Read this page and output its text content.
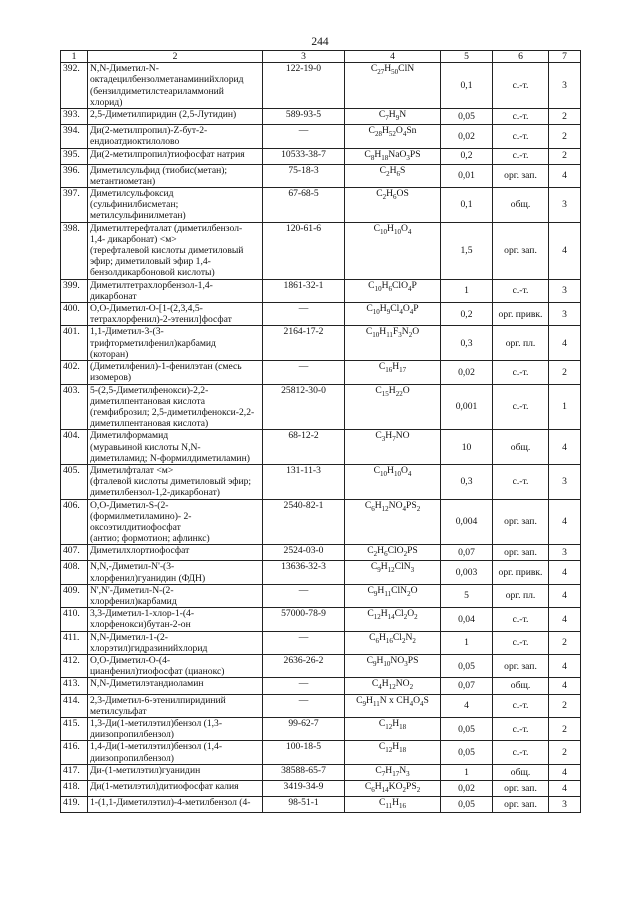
244
1	2	3	4	5	6	7
392.	N,N-Диметил-N-
октадецилбензолметанаминийхлорид
(бензилдиметилстеариламмоний
хлорид)	122-19-0	$C_{27}H_{50}ClN$	0,1	с.-т.	3
393.	2,5-Диметилпиридин (2,5-Лутидин)	589-93-5	$C_7H_9N$	0,05	с.-т.	2
394.	Ди(2-метилпропил)-Z-бут-2-
ендиоатдиоктилолово	—	$C_{28}H_{52}O_4Sn$	0,02	с.-т.	2
395.	Ди(2-метилпропил)тиофосфат натрия	10533-38-7	$C_8H_{18}NaO_3PS$	0,2	с.-т.	2
396.	Диметилсульфид (тиобис(метан);
метантиометан)	75-18-3	$C_2H_6S$	0,01	орг. зап.	4
397.	Диметилсульфоксид
(сульфинилбисметан;
метилсульфинилметан)	67-68-5	$C_2H_6OS$	0,1	общ.	3
398.	Диметилтерефталат (диметилбензол-
1,4- дикарбонат) <м>
(терефталевой кислоты диметиловый
эфир; диметиловый эфир 1,4-
бензолдикарбоновой кислоты)	120-61-6	$C_{10}H_{10}O_4$	1,5	орг. зап.	4
399.	Диметилтетрахлорбензол-1,4-
дикарбонат	1861-32-1	$C_{10}H_6ClO_4P$	1	с.-т.	3
400.	O,O-Диметил-O-[1-(2,3,4,5-
тетрахлорфенил)-2-этенил]фосфат	—	$C_{10}H_9Cl_4O_4P$	0,2	орг. привк.	3
401.	1,1-Диметил-3-(3-
трифторметилфенил)карбамид
(которан)	2164-17-2	$C_{10}H_{11}F_3N_2O$	0,3	орг. пл.	4
402.	(Диметилфенил)-1-фенилэтан (смесь
изомеров)	—	$C_{16}H_{17}$	0,02	с.-т.	2
403.	5-(2,5-Диметилфенокси)-2,2-
диметилпентановая кислота
(гемфиброзил; 2,5-диметилфенокси-2,2-
диметилпентановая кислота)	25812-30-0	$C_{15}H_{22}O$	0,001	с.-т.	1
404.	Диметилформамид
(муравьиной кислоты N,N-
диметиламид; N-формилдиметиламин)	68-12-2	$C_3H_7NO$	10	общ.	4
405.	Диметилфталат <м>
(фталевой кислоты диметиловый эфир;
диметилбензол-1,2-дикарбонат)	131-11-3	$C_{10}H_{10}O_4$	0,3	с.-т.	3
406.	O,O-Диметил-S-(2-
(формилметиламино)- 2-
оксоэтилдитиофосфат
(антио; формотион; афлинкс)	2540-82-1	$C_6H_{12}NO_4PS_2$	0,004	орг. зап.	4
407.	Диметилхлортиофосфат	2524-03-0	$C_2H_6ClO_2PS$	0,07	орг. зап.	3
408.	N,N,-Диметил-N'-(3-
хлорфенил)гуанидин (ФДН)	13636-32-3	$C_9H_{12}ClN_3$	0,003	орг. привк.	4
409.	N',N'-Диметил-N-(2-
хлорфенил)карбамид	—	$C_9H_{11}ClN_2O$	5	орг. пл.	4
410.	3,3-Диметил-1-хлор-1-(4-
хлорфенокси)бутан-2-он	57000-78-9	$C_{12}H_{14}Cl_2O_2$	0,04	с.-т.	4
411.	N,N-Диметил-1-(2-
хлорэтил)гидразинийхлорид	—	$C_6H_{16}Cl_2N_2$	1	с.-т.	2
412.	O,O-Диметил-O-(4-
цианфенил)тиофосфат (цианокс)	2636-26-2	$C_9H_{10}NO_3PS$	0,05	орг. зап.	4
413.	N,N-Диметилэтандиоламин	—	$C_4H_{12}NO_2$	0,07	общ.	4
414.	2,3-Диметил-6-этенилпиридиний
метилсульфат	—	$C_9H_{11}N$ x $CH_4O_4S$	4	с.-т.	2
415.	1,3-Ди(1-метилэтил)бензол (1,3-
диизопропилбензол)	99-62-7	$C_{12}H_{18}$	0,05	с.-т.	2
416.	1,4-Ди(1-метилэтил)бензол (1,4-
диизопропилбензол)	100-18-5	$C_{12}H_{18}$	0,05	с.-т.	2
417.	Ди-(1-метилэтил)гуанидин	38588-65-7	$C_7H_{17}N_3$	1	общ.	4
418.	Ди(1-метилэтил)дитиофосфат калия	3419-34-9	$C_6H_{14}KO_2PS_2$	0,02	орг. зап.	4
419.	1-(1,1-Диметилэтил)-4-метилбензол (4-	98-51-1	$C_{11}H_{16}$	0,05	орг. зап.	3
